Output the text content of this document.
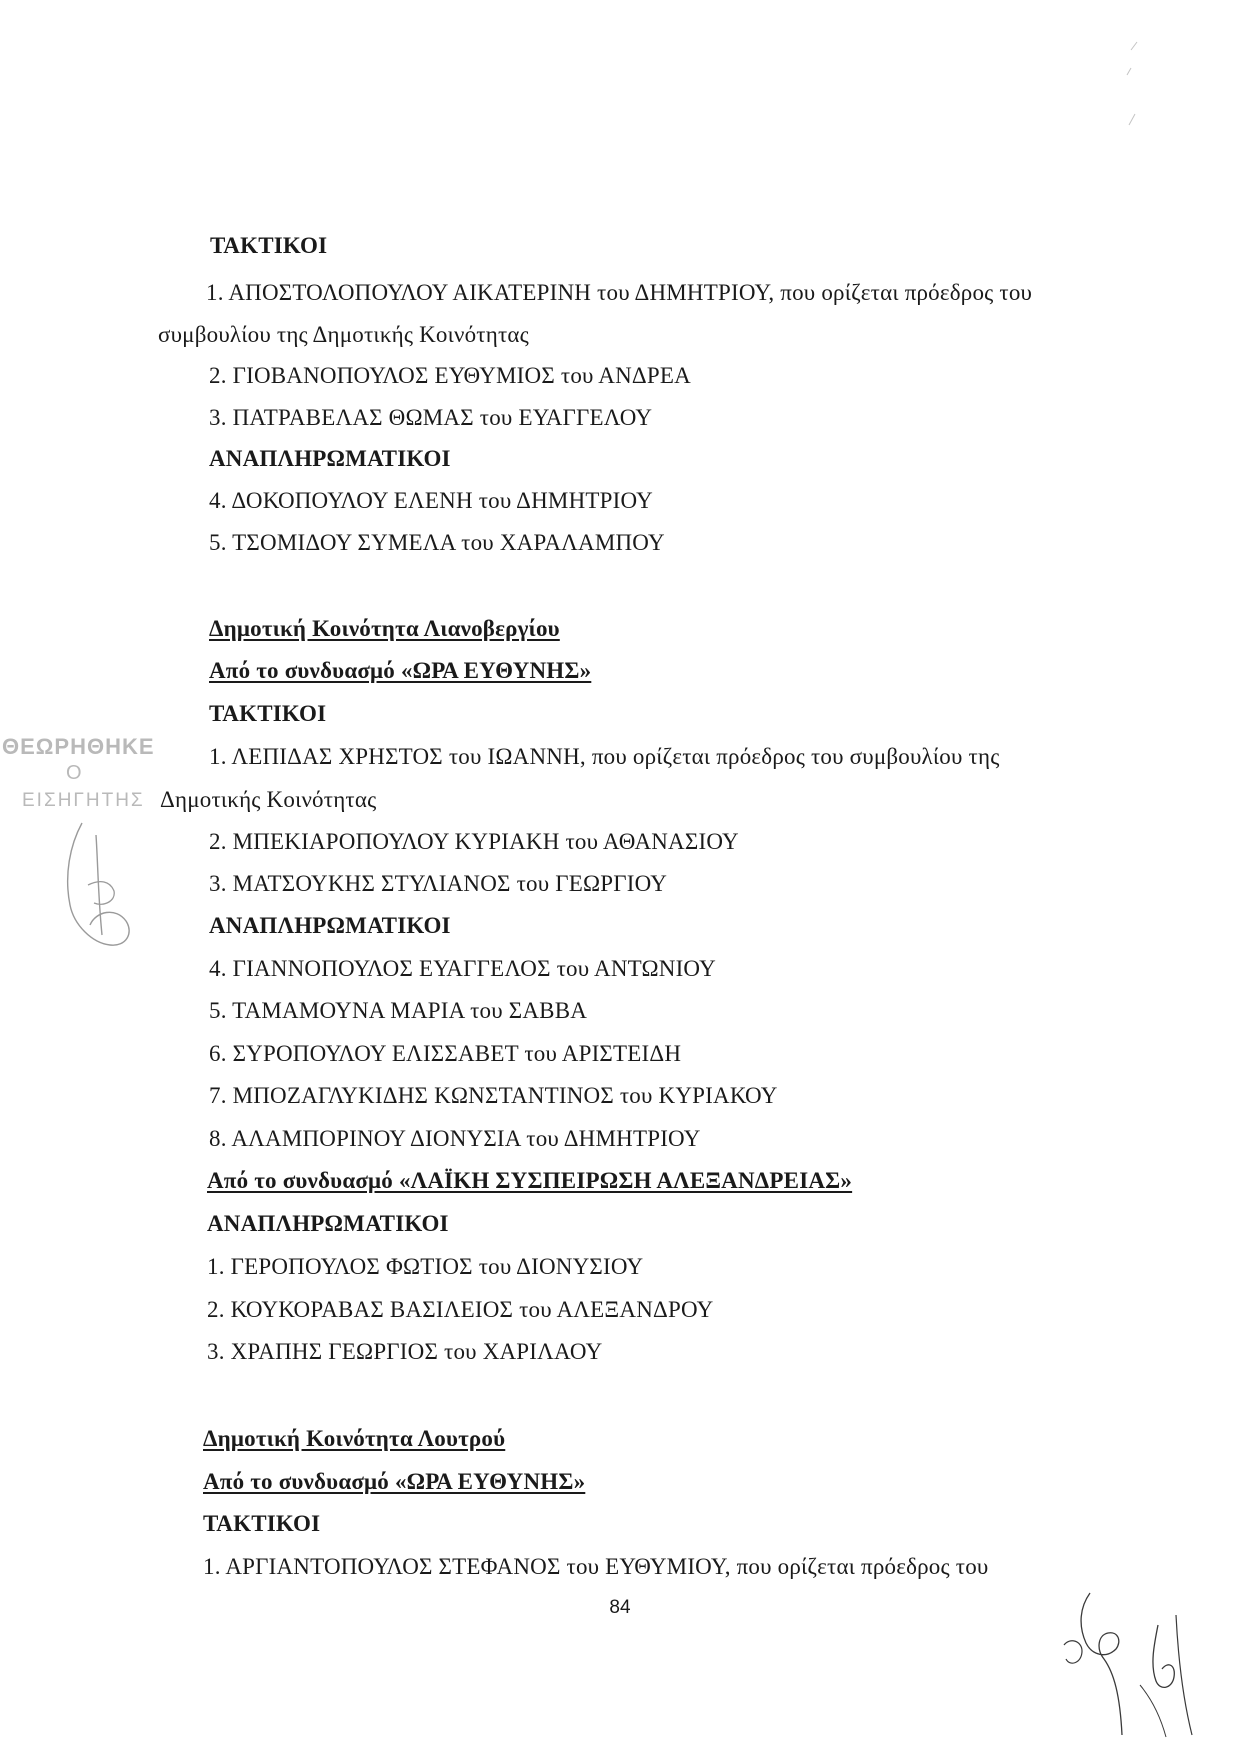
ΤΑΚΤΙΚΟΙ
1. ΑΠΟΣΤΟΛΟΠΟΥΛΟΥ ΑΙΚΑΤΕΡΙΝΗ του ΔΗΜΗΤΡΙΟΥ, που ορίζεται πρόεδρος του
συμβουλίου της Δημοτικής Κοινότητας
2. ΓΙΟΒΑΝΟΠΟΥΛΟΣ ΕΥΘΥΜΙΟΣ του ΑΝΔΡΕΑ
3. ΠΑΤΡΑΒΕΛΑΣ ΘΩΜΑΣ του ΕΥΑΓΓΕΛΟΥ
ΑΝΑΠΛΗΡΩΜΑΤΙΚΟΙ
4. ΔΟΚΟΠΟΥΛΟΥ ΕΛΕΝΗ του ΔΗΜΗΤΡΙΟΥ
5. ΤΣΟΜΙΔΟΥ ΣΥΜΕΛΑ του ΧΑΡΑΛΑΜΠΟΥ
Δημοτική Κοινότητα Λιανοβεργίου
Από το συνδυασμό «ΩΡΑ ΕΥΘΥΝΗΣ»
ΤΑΚΤΙΚΟΙ
1. ΛΕΠΙΔΑΣ ΧΡΗΣΤΟΣ του ΙΩΑΝΝΗ, που ορίζεται πρόεδρος του συμβουλίου της
Δημοτικής Κοινότητας
2. ΜΠΕΚΙΑΡΟΠΟΥΛΟΥ ΚΥΡΙΑΚΗ του ΑΘΑΝΑΣΙΟΥ
3. ΜΑΤΣΟΥΚΗΣ ΣΤΥΛΙΑΝΟΣ του ΓΕΩΡΓΙΟΥ
ΑΝΑΠΛΗΡΩΜΑΤΙΚΟΙ
4. ΓΙΑΝΝΟΠΟΥΛΟΣ ΕΥΑΓΓΕΛΟΣ του ΑΝΤΩΝΙΟΥ
5. ΤΑΜΑΜΟΥΝΑ ΜΑΡΙΑ του ΣΑΒΒΑ
6. ΣΥΡΟΠΟΥΛΟΥ ΕΛΙΣΣΑΒΕΤ του ΑΡΙΣΤΕΙΔΗ
7. ΜΠΟΖΑΓΛΥΚΙΔΗΣ ΚΩΝΣΤΑΝΤΙΝΟΣ του ΚΥΡΙΑΚΟΥ
8. ΑΛΑΜΠΟΡΙΝΟΥ ΔΙΟΝΥΣΙΑ του ΔΗΜΗΤΡΙΟΥ
Από το συνδυασμό «ΛΑΪΚΗ ΣΥΣΠΕΙΡΩΣΗ ΑΛΕΞΑΝΔΡΕΙΑΣ»
ΑΝΑΠΛΗΡΩΜΑΤΙΚΟΙ
1. ΓΕΡΟΠΟΥΛΟΣ ΦΩΤΙΟΣ του ΔΙΟΝΥΣΙΟΥ
2. ΚΟΥΚΟΡΑΒΑΣ ΒΑΣΙΛΕΙΟΣ του ΑΛΕΞΑΝΔΡΟΥ
3. ΧΡΑΠΗΣ ΓΕΩΡΓΙΟΣ του ΧΑΡΙΛΑΟΥ
Δημοτική Κοινότητα Λουτρού
Από το συνδυασμό «ΩΡΑ ΕΥΘΥΝΗΣ»
ΤΑΚΤΙΚΟΙ
1. ΑΡΓΙΑΝΤΟΠΟΥΛΟΣ ΣΤΕΦΑΝΟΣ του ΕΥΘΥΜΙΟΥ, που ορίζεται πρόεδρος του
84
ΘΕΩΡΗΘΗΚΕ
Ο
ΕΙΣΗΓΗΤΗΣ
